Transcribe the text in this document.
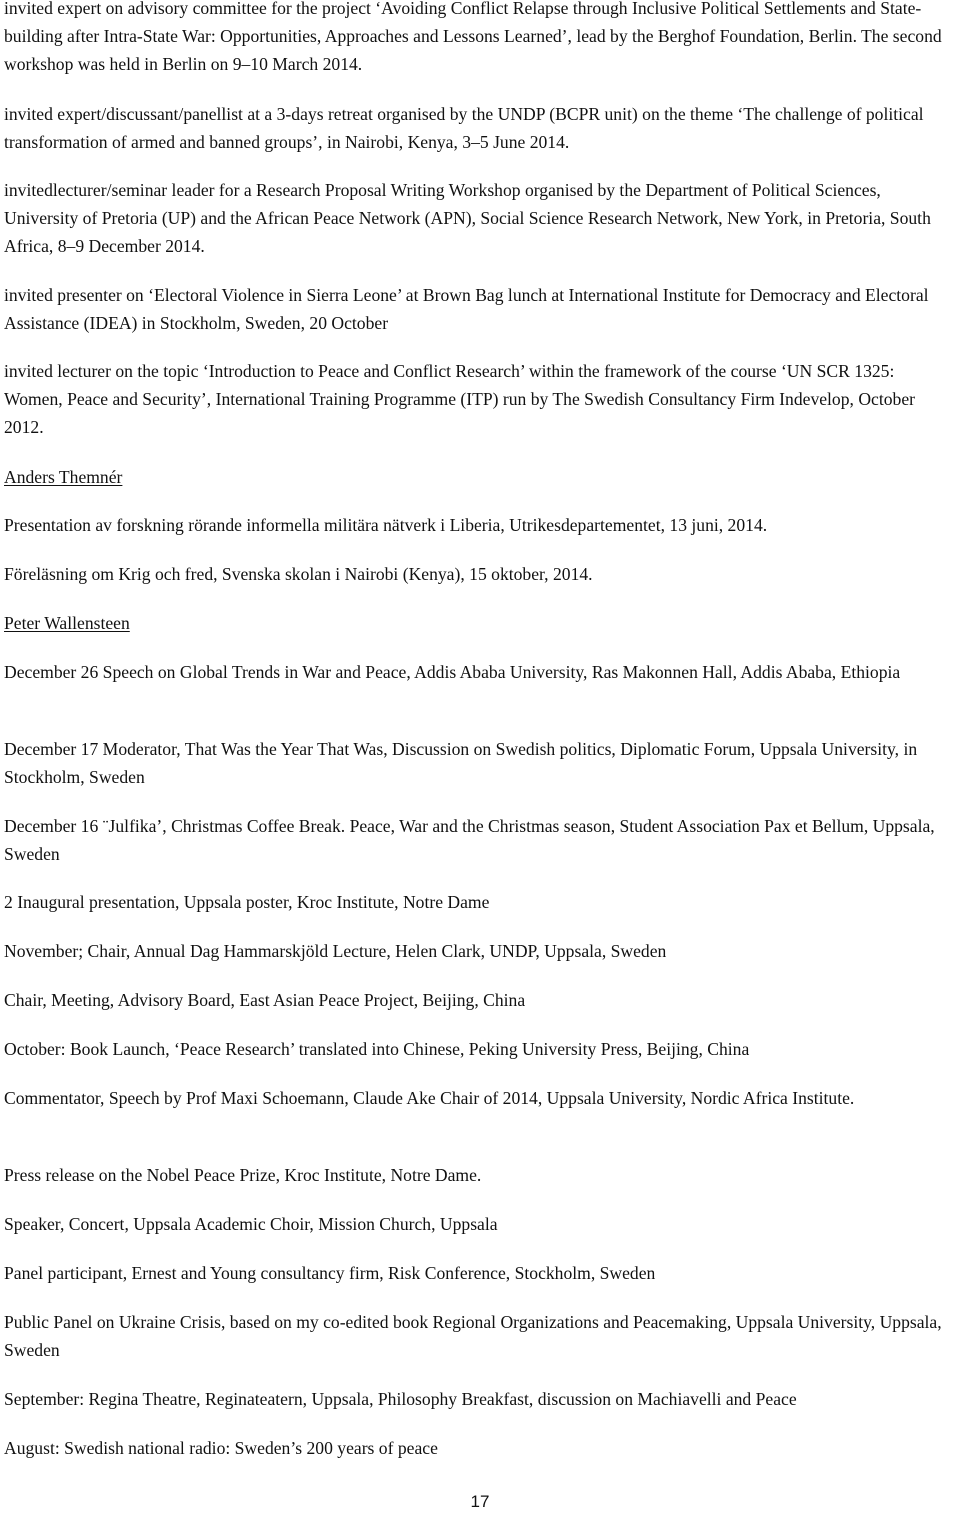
invited expert on advisory committee for the project ‘Avoiding Conflict Relapse through Inclusive Political Settlements and State-building after Intra-State War: Opportunities, Approaches and Lessons Learned’, lead by the Berghof Foundation, Berlin. The second workshop was held in Berlin on 9–10 March 2014.

invited expert/discussant/panellist at a 3-days retreat organised by the UNDP (BCPR unit) on the theme ‘The challenge of political transformation of armed and banned groups’, in Nairobi, Kenya, 3–5 June 2014.

invitedlecturer/seminar leader for a Research Proposal Writing Workshop organised by the Department of Political Sciences, University of Pretoria (UP) and the African Peace Network (APN), Social Science Research Network, New York, in Pretoria, South Africa, 8–9 December 2014.

invited presenter on ‘Electoral Violence in Sierra Leone’ at Brown Bag lunch at International Institute for Democracy and Electoral Assistance (IDEA) in Stockholm, Sweden, 20 October

invited lecturer on the topic ‘Introduction to Peace and Conflict Research’ within the framework of the course ‘UN SCR 1325: Women, Peace and Security’, International Training Programme (ITP) run by The Swedish Consultancy Firm Indevelop, October 2012.

Anders Themnér

Presentation av forskning rörande informella militära nätverk i Liberia, Utrikesdepartementet, 13 juni, 2014.

Föreläsning om Krig och fred, Svenska skolan i Nairobi (Kenya), 15 oktober, 2014.

Peter Wallensteen

December 26 Speech on Global Trends in War and Peace, Addis Ababa University, Ras Makonnen Hall, Addis Ababa, Ethiopia

December 17 Moderator, That Was the Year That Was, Discussion on Swedish politics, Diplomatic Forum, Uppsala University, in Stockholm, Sweden

December 16 ¨Julfika’, Christmas Coffee Break. Peace, War and the Christmas season, Student Association Pax et Bellum, Uppsala, Sweden

2 Inaugural presentation, Uppsala poster, Kroc Institute, Notre Dame

November; Chair, Annual Dag Hammarskjöld Lecture, Helen Clark, UNDP, Uppsala, Sweden

Chair, Meeting, Advisory Board, East Asian Peace Project, Beijing, China

October: Book Launch, ‘Peace Research’ translated into Chinese, Peking University Press, Beijing, China

Commentator, Speech by Prof Maxi Schoemann, Claude Ake Chair of 2014, Uppsala University, Nordic Africa Institute.

Press release on the Nobel Peace Prize, Kroc Institute, Notre Dame.

Speaker, Concert, Uppsala Academic Choir, Mission Church, Uppsala

Panel participant, Ernest and Young consultancy firm, Risk Conference, Stockholm, Sweden

Public Panel on Ukraine Crisis, based on my co-edited book Regional Organizations and Peacemaking, Uppsala University, Uppsala, Sweden

September: Regina Theatre, Reginateatern, Uppsala, Philosophy Breakfast, discussion on Machiavelli and Peace

August: Swedish national radio: Sweden’s 200 years of peace

17
